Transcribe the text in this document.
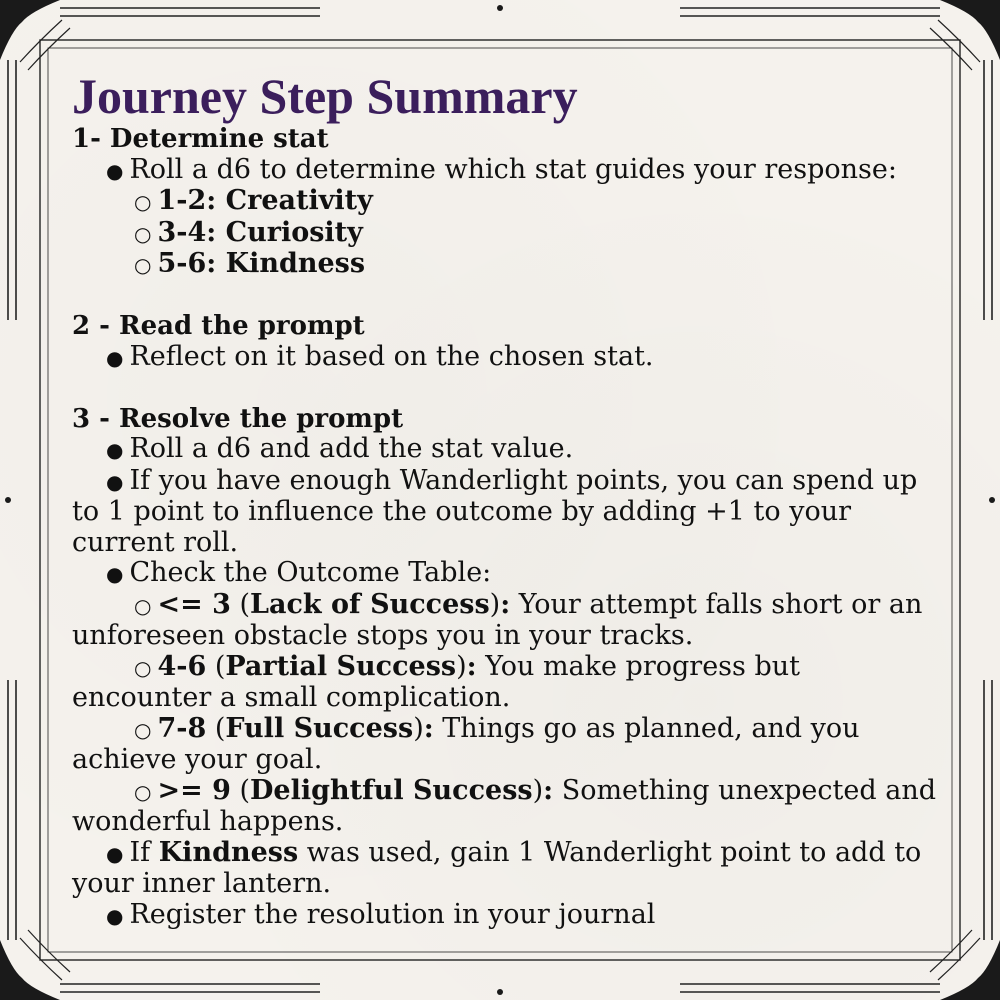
Journey Step Summary
1- Determine stat
● Roll a d6 to determine which stat guides your response:
○ 1-2: Creativity
○ 3-4: Curiosity
○ 5-6: Kindness
2 - Read the prompt
● Reflect on it based on the chosen stat.
3 - Resolve the prompt
● Roll a d6 and add the stat value.
● If you have enough Wanderlight points, you can spend up to 1 point to influence the outcome by adding +1 to your current roll.
● Check the Outcome Table:
○ <= 3 (Lack of Success): Your attempt falls short or an unforeseen obstacle stops you in your tracks.
○ 4-6 (Partial Success): You make progress but encounter a small complication.
○ 7-8 (Full Success): Things go as planned, and you achieve your goal.
○ >= 9 (Delightful Success): Something unexpected and wonderful happens.
● If Kindness was used, gain 1 Wanderlight point to add to your inner lantern.
● Register the resolution in your journal
